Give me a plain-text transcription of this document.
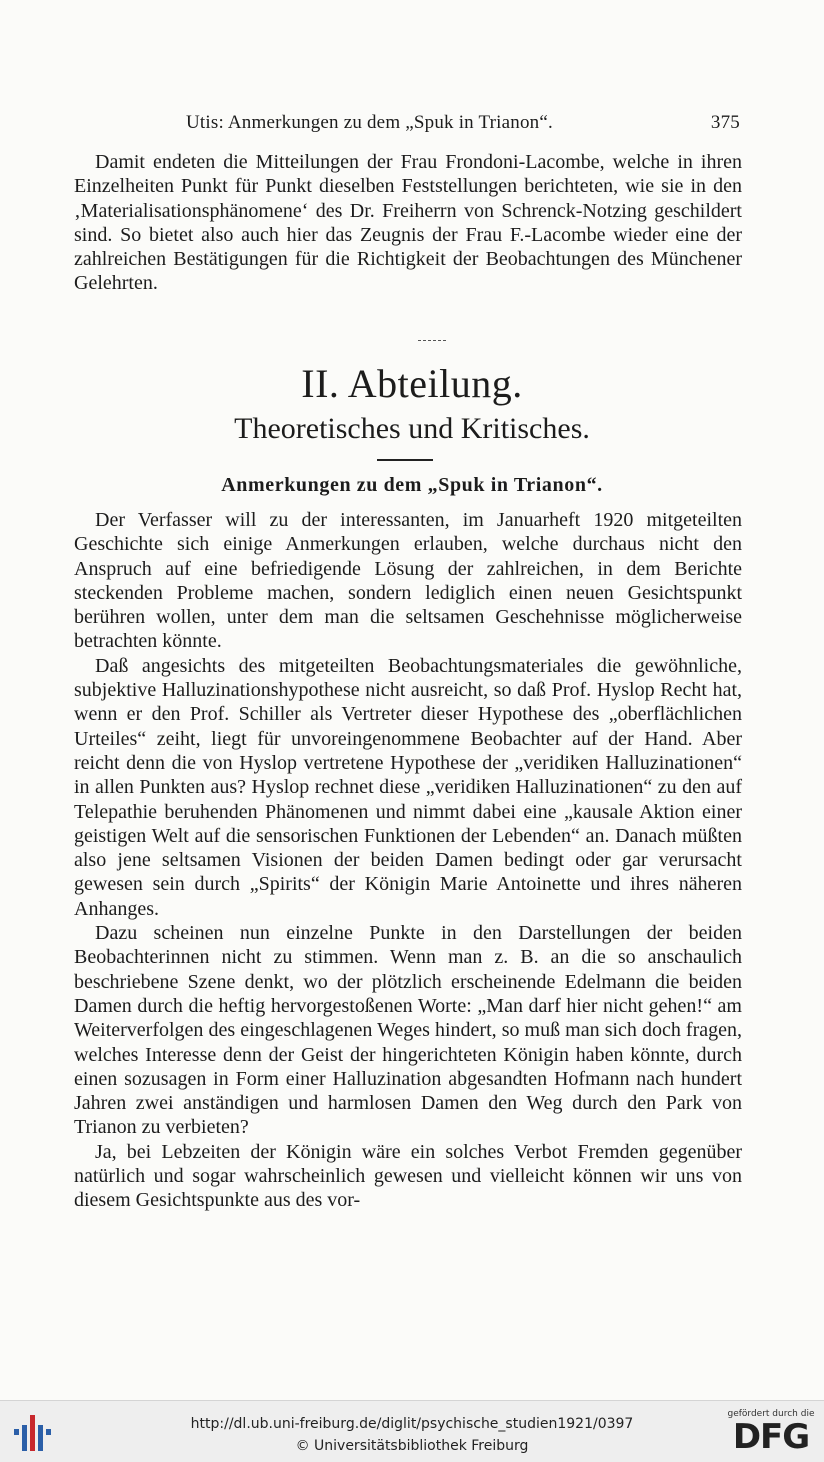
Utis: Anmerkungen zu dem „Spuk in Trianon“.	375

Damit endeten die Mitteilungen der Frau Frondoni-Lacombe, welche in ihren Einzelheiten Punkt für Punkt dieselben Feststellungen berichteten, wie sie in den ‚Materialisationsphänomene‘ des Dr. Freiherrn von Schrenck-Notzing geschildert sind. So bietet also auch hier das Zeugnis der Frau F.-Lacombe wieder eine der zahlreichen Bestätigungen für die Richtigkeit der Beobachtungen des Münchener Gelehrten.

II. Abteilung.
Theoretisches und Kritisches.
Anmerkungen zu dem „Spuk in Trianon“.

Der Verfasser will zu der interessanten, im Januarheft 1920 mitgeteilten Geschichte sich einige Anmerkungen erlauben, welche durchaus nicht den Anspruch auf eine befriedigende Lösung der zahlreichen, in dem Berichte steckenden Probleme machen, sondern lediglich einen neuen Gesichtspunkt berühren wollen, unter dem man die seltsamen Geschehnisse möglicherweise betrachten könnte.

Daß angesichts des mitgeteilten Beobachtungsmateriales die gewöhnliche, subjektive Halluzinationshypothese nicht ausreicht, so daß Prof. Hyslop Recht hat, wenn er den Prof. Schiller als Vertreter dieser Hypothese des „oberflächlichen Urteiles“ zeiht, liegt für unvoreingenommene Beobachter auf der Hand. Aber reicht denn die von Hyslop vertretene Hypothese der „veridiken Halluzinationen“ in allen Punkten aus? Hyslop rechnet diese „veridiken Halluzinationen“ zu den auf Telepathie beruhenden Phänomenen und nimmt dabei eine „kausale Aktion einer geistigen Welt auf die sensorischen Funktionen der Lebenden“ an. Danach müßten also jene seltsamen Visionen der beiden Damen bedingt oder gar verursacht gewesen sein durch „Spirits“ der Königin Marie Antoinette und ihres näheren Anhanges.

Dazu scheinen nun einzelne Punkte in den Darstellungen der beiden Beobachterinnen nicht zu stimmen. Wenn man z. B. an die so anschaulich beschriebene Szene denkt, wo der plötzlich erscheinende Edelmann die beiden Damen durch die heftig hervorgestoßenen Worte: „Man darf hier nicht gehen!“ am Weiterverfolgen des eingeschlagenen Weges hindert, so muß man sich doch fragen, welches Interesse denn der Geist der hingerichteten Königin haben könnte, durch einen sozusagen in Form einer Halluzination abgesandten Hofmann nach hundert Jahren zwei anständigen und harmlosen Damen den Weg durch den Park von Trianon zu verbieten?

Ja, bei Lebzeiten der Königin wäre ein solches Verbot Fremden gegenüber natürlich und sogar wahrscheinlich gewesen und vielleicht können wir uns von diesem Gesichtspunkte aus des vor-

http://dl.ub.uni-freiburg.de/diglit/psychische_studien1921/0397
© Universitätsbibliothek Freiburg
gefördert durch die
DFG
